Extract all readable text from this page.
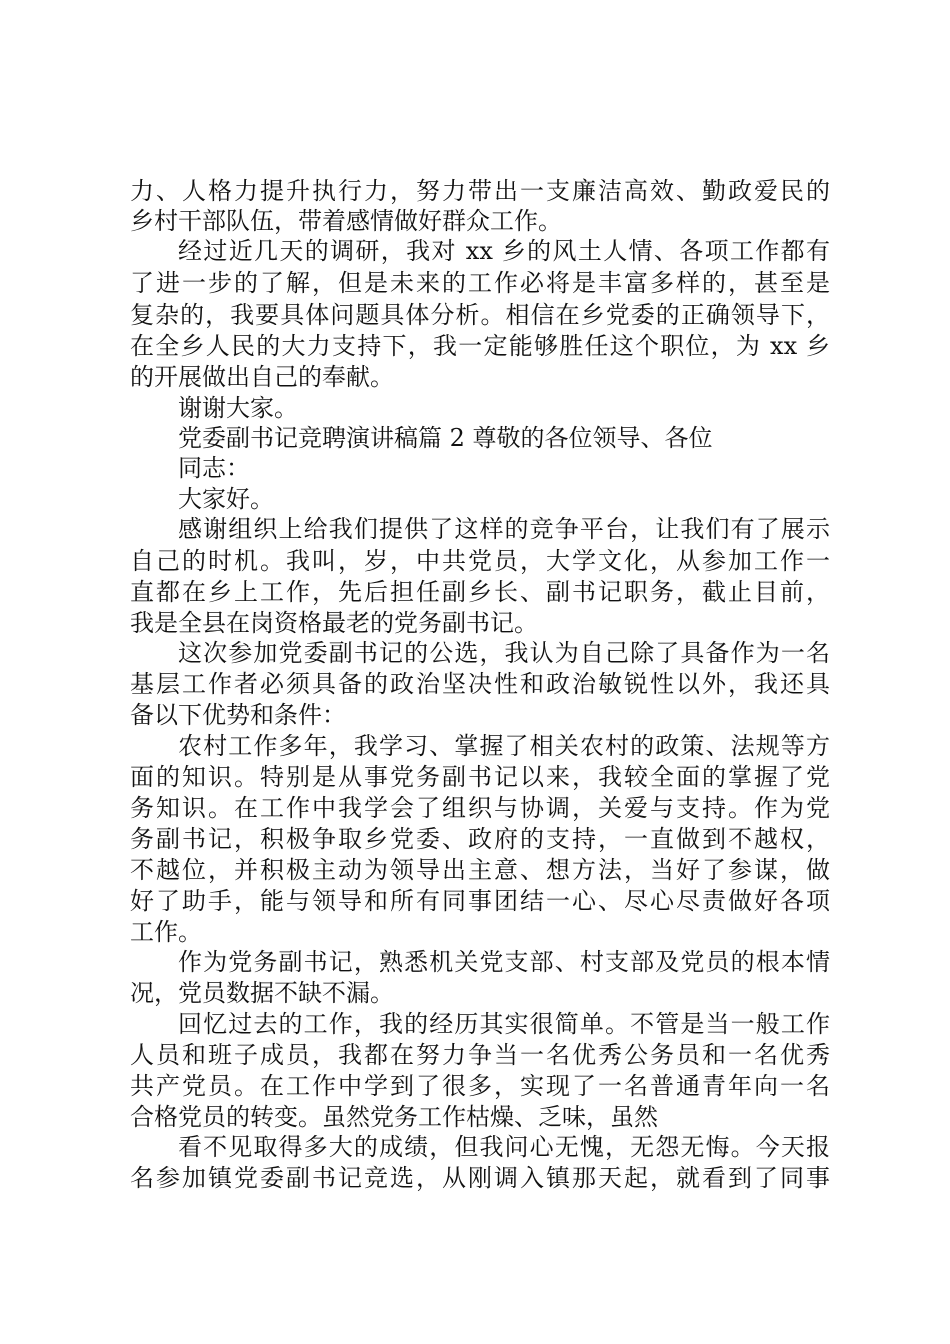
力、人格力提升执行力，努力带出一支廉洁高效、勤政爱民的
乡村干部队伍，带着感情做好群众工作。
经过近几天的调研，我对 xx 乡的风土人情、各项工作都有
了进一步的了解，但是未来的工作必将是丰富多样的，甚至是
复杂的，我要具体问题具体分析。相信在乡党委的正确领导下，
在全乡人民的大力支持下，我一定能够胜任这个职位，为 xx 乡
的开展做出自己的奉献。
谢谢大家。
党委副书记竞聘演讲稿篇 2 尊敬的各位领导、各位
同志：
大家好。
感谢组织上给我们提供了这样的竞争平台，让我们有了展示
自己的时机。我叫，岁，中共党员，大学文化，从参加工作一
直都在乡上工作，先后担任副乡长、副书记职务，截止目前，
我是全县在岗资格最老的党务副书记。
这次参加党委副书记的公选，我认为自己除了具备作为一名
基层工作者必须具备的政治坚决性和政治敏锐性以外，我还具
备以下优势和条件：
农村工作多年，我学习、掌握了相关农村的政策、法规等方
面的知识。特别是从事党务副书记以来，我较全面的掌握了党
务知识。在工作中我学会了组织与协调，关爱与支持。作为党
务副书记，积极争取乡党委、政府的支持，一直做到不越权，
不越位，并积极主动为领导出主意、想方法，当好了参谋，做
好了助手，能与领导和所有同事团结一心、尽心尽责做好各项
工作。
作为党务副书记，熟悉机关党支部、村支部及党员的根本情
况，党员数据不缺不漏。
回忆过去的工作，我的经历其实很简单。不管是当一般工作
人员和班子成员，我都在努力争当一名优秀公务员和一名优秀
共产党员。在工作中学到了很多，实现了一名普通青年向一名
合格党员的转变。虽然党务工作枯燥、乏味，虽然
看不见取得多大的成绩，但我问心无愧，无怨无悔。今天报
名参加镇党委副书记竞选，从刚调入镇那天起，就看到了同事
